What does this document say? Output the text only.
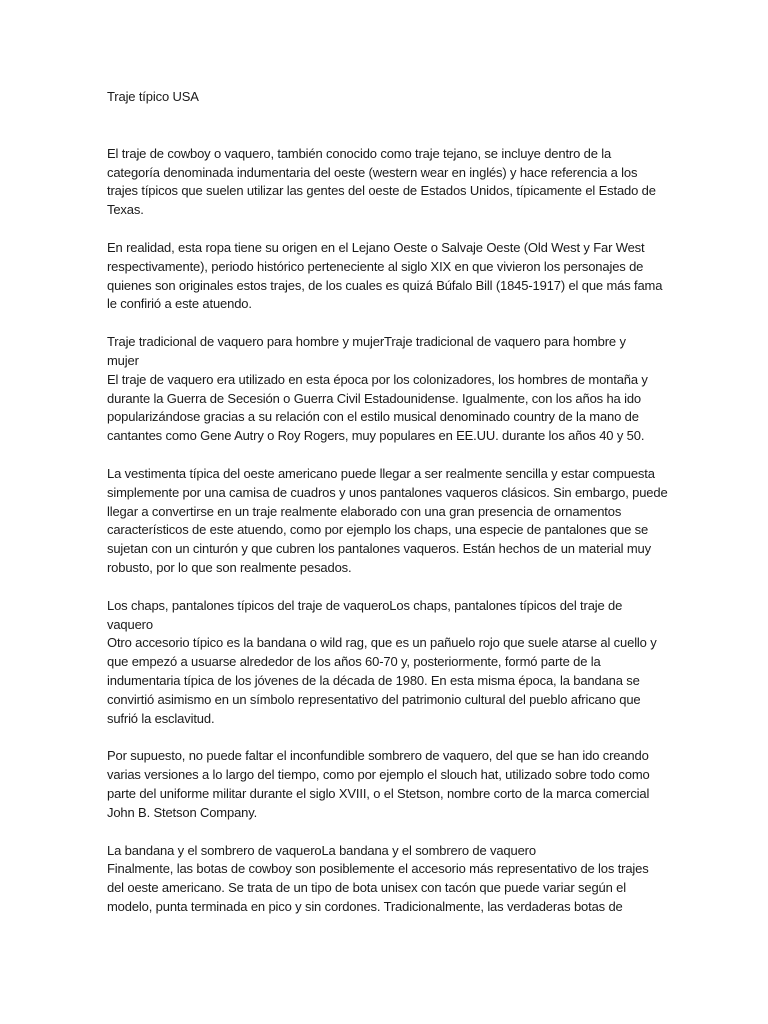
Traje típico USA

El traje de cowboy o vaquero, también conocido como traje tejano, se incluye dentro de la
categoría denominada indumentaria del oeste (western wear en inglés) y hace referencia a los
trajes típicos que suelen utilizar las gentes del oeste de Estados Unidos, típicamente el Estado de
Texas.

En realidad, esta ropa tiene su origen en el Lejano Oeste o Salvaje Oeste (Old West y Far West
respectivamente), periodo histórico perteneciente al siglo XIX en que vivieron los personajes de
quienes son originales estos trajes, de los cuales es quizá Búfalo Bill (1845-1917) el que más fama
le confirió a este atuendo.

Traje tradicional de vaquero para hombre y mujerTraje tradicional de vaquero para hombre y
mujer
El traje de vaquero era utilizado en esta época por los colonizadores, los hombres de montaña y
durante la Guerra de Secesión o Guerra Civil Estadounidense. Igualmente, con los años ha ido
popularizándose gracias a su relación con el estilo musical denominado country de la mano de
cantantes como Gene Autry o Roy Rogers, muy populares en EE.UU. durante los años 40 y 50.

La vestimenta típica del oeste americano puede llegar a ser realmente sencilla y estar compuesta
simplemente por una camisa de cuadros y unos pantalones vaqueros clásicos. Sin embargo, puede
llegar a convertirse en un traje realmente elaborado con una gran presencia de ornamentos
característicos de este atuendo, como por ejemplo los chaps, una especie de pantalones que se
sujetan con un cinturón y que cubren los pantalones vaqueros. Están hechos de un material muy
robusto, por lo que son realmente pesados.

Los chaps, pantalones típicos del traje de vaqueroLos chaps, pantalones típicos del traje de
vaquero
Otro accesorio típico es la bandana o wild rag, que es un pañuelo rojo que suele atarse al cuello y
que empezó a usuarse alrededor de los años 60-70 y, posteriormente, formó parte de la
indumentaria típica de los jóvenes de la década de 1980. En esta misma época, la bandana se
convirtió asimismo en un símbolo representativo del patrimonio cultural del pueblo africano que
sufrió la esclavitud.

Por supuesto, no puede faltar el inconfundible sombrero de vaquero, del que se han ido creando
varias versiones a lo largo del tiempo, como por ejemplo el slouch hat, utilizado sobre todo como
parte del uniforme militar durante el siglo XVIII, o el Stetson, nombre corto de la marca comercial
John B. Stetson Company.

La bandana y el sombrero de vaqueroLa bandana y el sombrero de vaquero
Finalmente, las botas de cowboy son posiblemente el accesorio más representativo de los trajes
del oeste americano. Se trata de un tipo de bota unisex con tacón que puede variar según el
modelo, punta terminada en pico y sin cordones. Tradicionalmente, las verdaderas botas de
